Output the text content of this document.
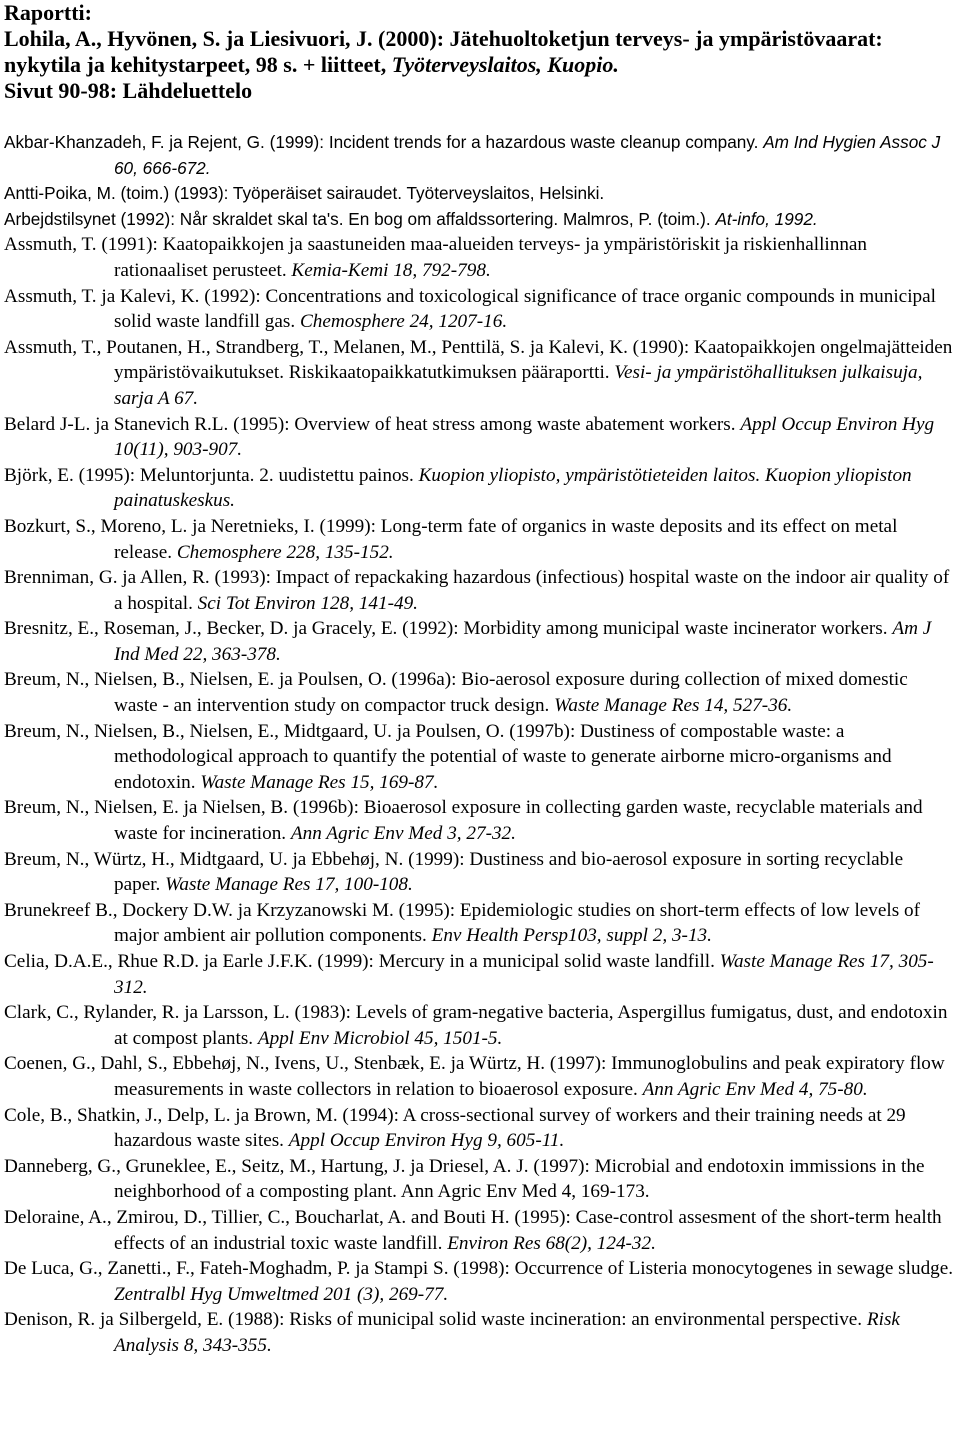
Raportti:
Lohila, A., Hyvönen, S. ja Liesivuori, J. (2000): Jätehuoltoketjun terveys- ja ympäristövaarat:
nykytila ja kehitystarpeet, 98 s. + liitteet, Työterveyslaitos, Kuopio.
Sivut 90-98: Lähdeluettelo

Akbar-Khanzadeh, F. ja Rejent, G. (1999): Incident trends for a hazardous waste cleanup company. Am Ind Hygien Assoc J 60, 666-672.

Antti-Poika, M. (toim.) (1993): Työperäiset sairaudet. Työterveyslaitos, Helsinki.

Arbejdstilsynet (1992): Når skraldet skal ta's. En bog om affaldssortering. Malmros, P. (toim.). At-info, 1992.

Assmuth, T. (1991): Kaatopaikkojen ja saastuneiden maa-alueiden terveys- ja ympäristöriskit ja riskienhallinnan rationaaliset perusteet. Kemia-Kemi 18, 792-798.

Assmuth, T. ja Kalevi, K. (1992): Concentrations and toxicological significance of trace organic compounds in municipal solid waste landfill gas. Chemosphere 24, 1207-16.

Assmuth, T., Poutanen, H., Strandberg, T., Melanen, M., Penttilä, S. ja Kalevi, K. (1990): Kaatopaikkojen ongelmajätteiden ympäristövaikutukset. Riskikaatopaikkatutkimuksen pääraportti. Vesi- ja ympäristöhallituksen julkaisuja, sarja A 67.

Belard J-L. ja Stanevich R.L. (1995): Overview of heat stress among waste abatement workers. Appl Occup Environ Hyg 10(11), 903-907.

Björk, E. (1995): Meluntorjunta. 2. uudistettu painos. Kuopion yliopisto, ympäristötieteiden laitos. Kuopion yliopiston painatuskeskus.

Bozkurt, S., Moreno, L. ja Neretnieks, I. (1999): Long-term fate of organics in waste deposits and its effect on metal release. Chemosphere 228, 135-152.

Brenniman, G. ja Allen, R. (1993): Impact of repackaking hazardous (infectious) hospital waste on the indoor air quality of a hospital. Sci Tot Environ 128, 141-49.

Bresnitz, E., Roseman, J., Becker, D. ja Gracely, E. (1992): Morbidity among municipal waste incinerator workers. Am J Ind Med 22, 363-378.

Breum, N., Nielsen, B., Nielsen, E. ja Poulsen, O. (1996a): Bio-aerosol exposure during collection of mixed domestic waste - an intervention study on compactor truck design. Waste Manage Res 14, 527-36.

Breum, N., Nielsen, B., Nielsen, E., Midtgaard, U. ja Poulsen, O. (1997b): Dustiness of compostable waste: a methodological approach to quantify the potential of waste to generate airborne micro-organisms and endotoxin. Waste Manage Res 15, 169-87.

Breum, N., Nielsen, E. ja Nielsen, B. (1996b): Bioaerosol exposure in collecting garden waste, recyclable materials and waste for incineration. Ann Agric Env Med 3, 27-32.

Breum, N., Würtz, H., Midtgaard, U. ja Ebbehøj, N. (1999): Dustiness and bio-aerosol exposure in sorting recyclable paper. Waste Manage Res 17, 100-108.

Brunekreef B., Dockery D.W. ja Krzyzanowski M. (1995): Epidemiologic studies on short-term effects of low levels of major ambient air pollution components. Env Health Persp103, suppl 2, 3-13.

Celia, D.A.E., Rhue R.D. ja Earle J.F.K. (1999): Mercury in a municipal solid waste landfill. Waste Manage Res 17, 305-312.

Clark, C., Rylander, R. ja Larsson, L. (1983): Levels of gram-negative bacteria, Aspergillus fumigatus, dust, and endotoxin at compost plants. Appl Env Microbiol 45, 1501-5.

Coenen, G., Dahl, S., Ebbehøj, N., Ivens, U., Stenbæk, E. ja Würtz, H. (1997): Immunoglobulins and peak expiratory flow measurements in waste collectors in relation to bioaerosol exposure. Ann Agric Env Med 4, 75-80.

Cole, B., Shatkin, J., Delp, L. ja Brown, M. (1994): A cross-sectional survey of workers and their training needs at 29 hazardous waste sites. Appl Occup Environ Hyg 9, 605-11.

Danneberg, G., Gruneklee, E., Seitz, M., Hartung, J. ja Driesel, A. J. (1997): Microbial and endotoxin immissions in the neighborhood of a composting plant. Ann Agric Env Med 4, 169-173.

Deloraine, A., Zmirou, D., Tillier, C., Boucharlat, A. and Bouti H. (1995): Case-control assesment of the short-term health effects of an industrial toxic waste landfill. Environ Res 68(2), 124-32.

De Luca, G., Zanetti., F., Fateh-Moghadm, P. ja Stampi S. (1998): Occurrence of Listeria monocytogenes in sewage sludge. Zentralbl Hyg Umweltmed 201 (3), 269-77.

Denison, R. ja Silbergeld, E. (1988): Risks of municipal solid waste incineration: an environmental perspective. Risk Analysis 8, 343-355.
